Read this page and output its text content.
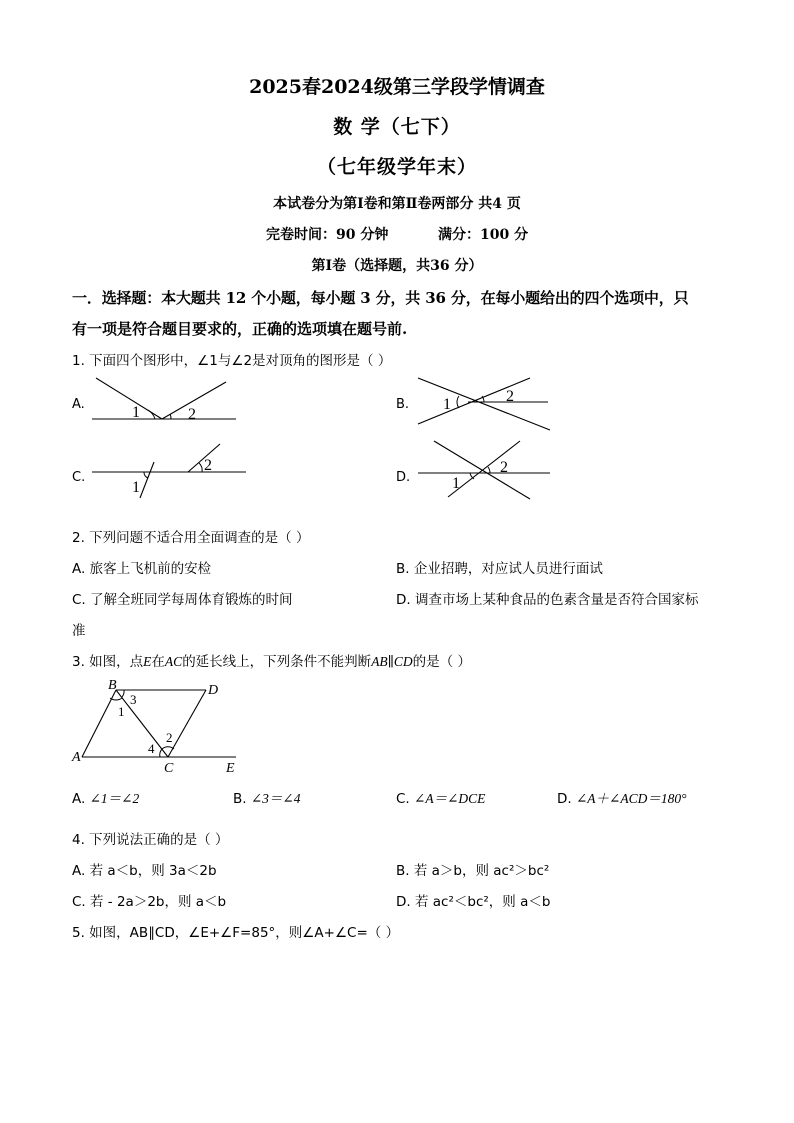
2025春2024级第三学段学情调查
数 学（七下）
（七年级学年末）
本试卷分为第Ⅰ卷和第Ⅱ卷两部分 共4 页
完卷时间：90 分钟	满分：100 分
第Ⅰ卷（选择题，共36 分）
一．选择题：本大题共 12 个小题，每小题 3 分，共 36 分，在每小题给出的四个选项中，只
有一项是符合题目要求的，正确的选项填在题号前.
1. 下面四个图形中，∠1与∠2是对顶角的图形是（ ）
A.	1	2
B. 1	2
C.
1
2
D.	1
2
2. 下列问题不适合用全面调查的是（ ）
A. 旅客上飞机前的安检	B. 企业招聘，对应试人员进行面试
C. 了解全班同学每周体育锻炼的时间	D. 调查市场上某种食品的色素含量是否符合国家标
准
3. 如图，点E在AC的延长线上，下列条件不能判断AB∥CD的是（ ）
B	D
A
C	E
1
2
3
4
A. ∠1＝∠2	B. ∠3＝∠4	C. ∠A＝∠DCE	D. ∠A＋∠ACD＝180°
4. 下列说法正确的是（ ）
A. 若 a＜b，则 3a＜2b	B. 若 a＞b，则 ac²＞bc²
C. 若 - 2a＞2b，则 a＜b	D. 若 ac²＜bc²，则 a＜b
5. 如图，AB∥CD，∠E+∠F=85°，则∠A+∠C=（ ）
